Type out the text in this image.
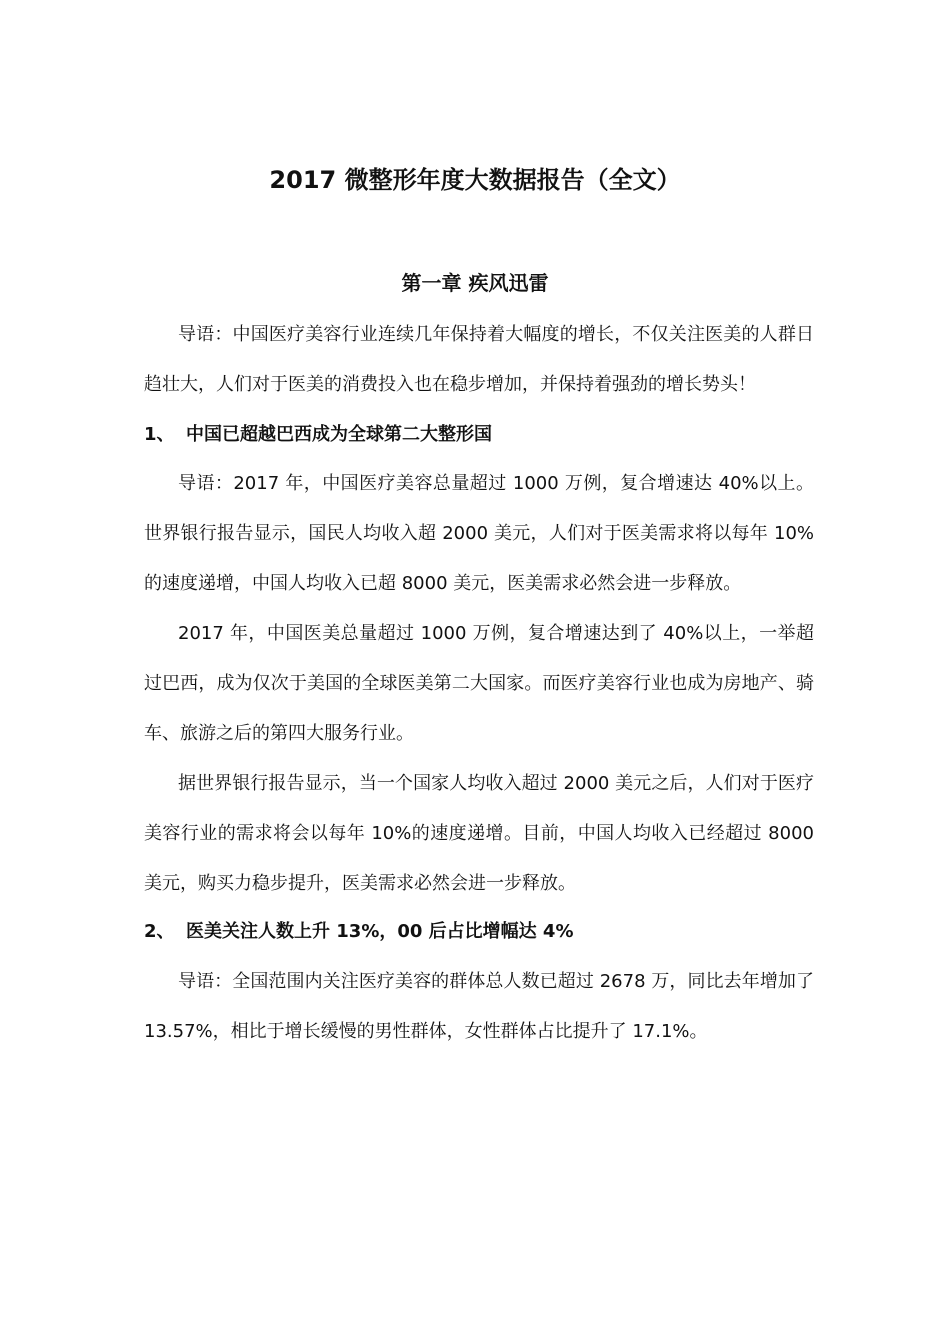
2017 微整形年度大数据报告（全文）
第一章 疾风迅雷

导语：中国医疗美容行业连续几年保持着大幅度的增长，不仅关注医美的人群日趋壮大，人们对于医美的消费投入也在稳步增加，并保持着强劲的增长势头！

1、 中国已超越巴西成为全球第二大整形国

导语：2017 年，中国医疗美容总量超过 1000 万例，复合增速达 40%以上。世界银行报告显示，国民人均收入超 2000 美元，人们对于医美需求将以每年 10%的速度递增，中国人均收入已超 8000 美元，医美需求必然会进一步释放。

2017 年，中国医美总量超过 1000 万例，复合增速达到了 40%以上，一举超过巴西，成为仅次于美国的全球医美第二大国家。而医疗美容行业也成为房地产、骑车、旅游之后的第四大服务行业。

据世界银行报告显示，当一个国家人均收入超过 2000 美元之后，人们对于医疗美容行业的需求将会以每年 10%的速度递增。目前，中国人均收入已经超过 8000 美元，购买力稳步提升，医美需求必然会进一步释放。

2、 医美关注人数上升 13%，00 后占比增幅达 4%

导语：全国范围内关注医疗美容的群体总人数已超过 2678 万，同比去年增加了 13.57%，相比于增长缓慢的男性群体，女性群体占比提升了 17.1%。
